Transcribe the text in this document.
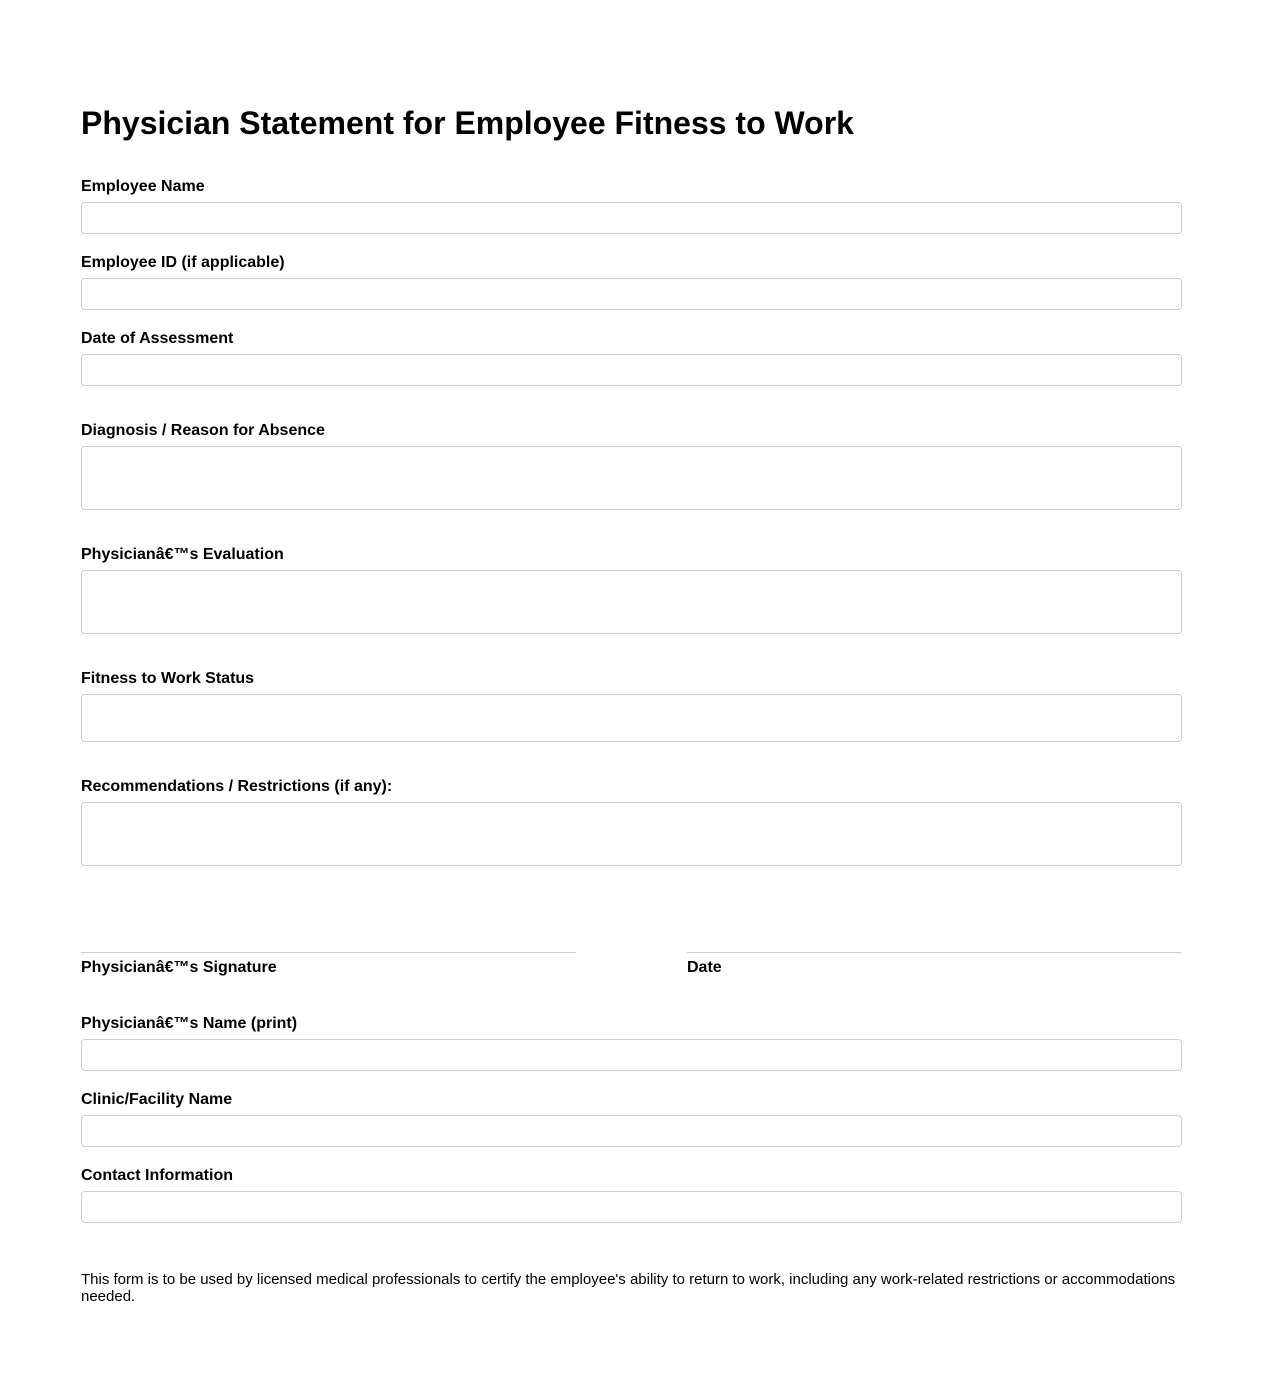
Physician Statement for Employee Fitness to Work
Employee Name
Employee ID (if applicable)
Date of Assessment
Diagnosis / Reason for Absence
Physicianâ€™s Evaluation
Fitness to Work Status
Recommendations / Restrictions (if any):
Physicianâ€™s Signature	Date
Physicianâ€™s Name (print)
Clinic/Facility Name
Contact Information
This form is to be used by licensed medical professionals to certify the employee's ability to return to work, including any work-related restrictions or accommodations needed.
